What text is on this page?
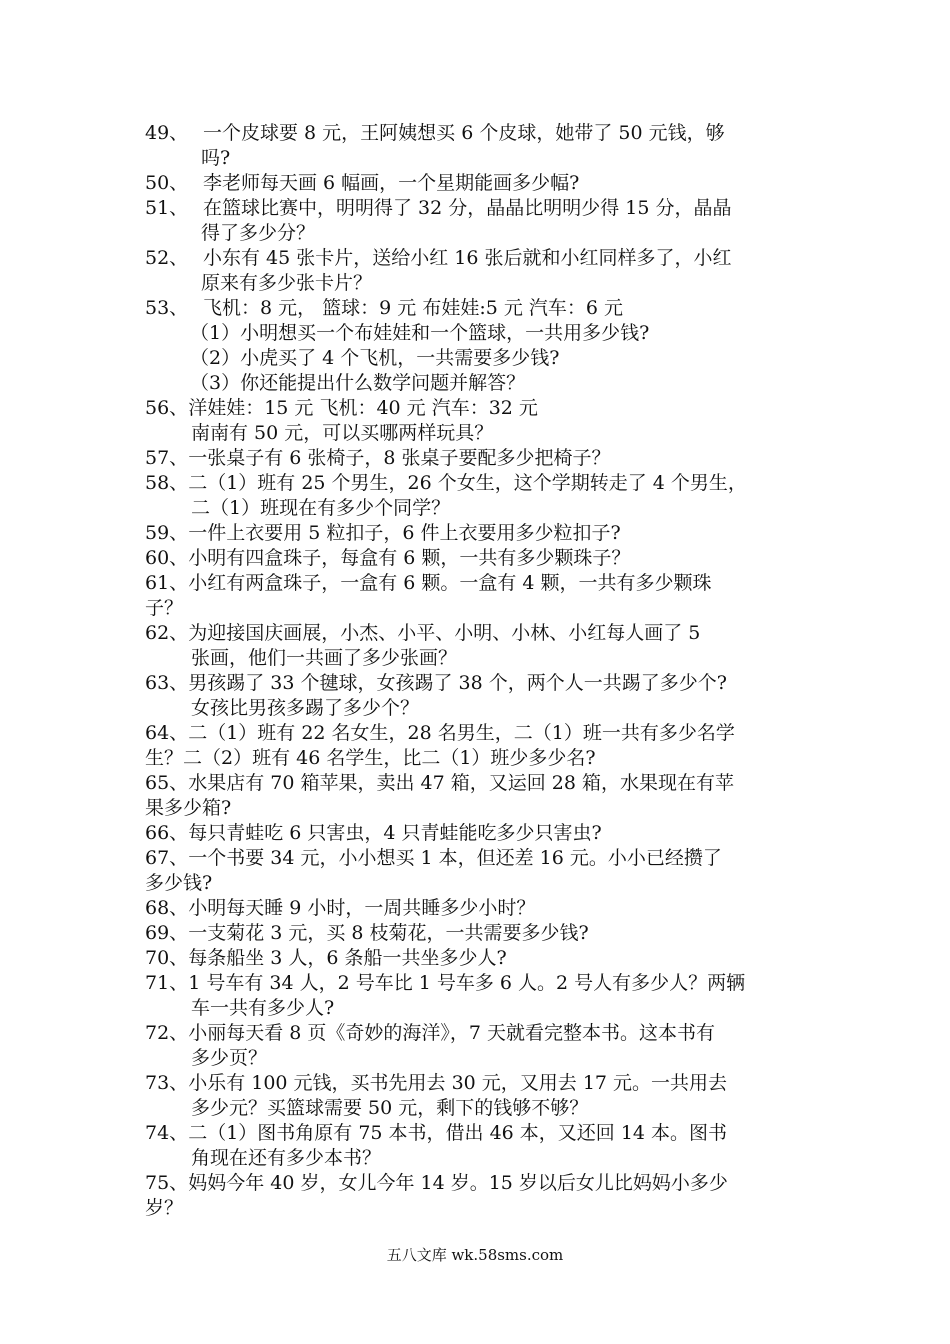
49、 一个皮球要 8 元，王阿姨想买 6 个皮球，她带了 50 元钱，够
吗?
50、 李老师每天画 6 幅画，一个星期能画多少幅?
51、 在篮球比赛中，明明得了 32 分，晶晶比明明少得 15 分，晶晶
得了多少分？
52、 小东有 45 张卡片，送给小红 16 张后就和小红同样多了，小红
原来有多少张卡片？
53、 飞机：8 元， 篮球：9 元 布娃娃:5 元 汽车：6 元
（1）小明想买一个布娃娃和一个篮球，一共用多少钱?
（2）小虎买了 4 个飞机，一共需要多少钱?
（3）你还能提出什么数学问题并解答？
56、洋娃娃：15 元 飞机：40 元 汽车：32 元
南南有 50 元，可以买哪两样玩具？
57、一张桌子有 6 张椅子，8 张桌子要配多少把椅子？
58、二（1）班有 25 个男生，26 个女生，这个学期转走了 4 个男生，
二（1）班现在有多少个同学？
59、一件上衣要用 5 粒扣子，6 件上衣要用多少粒扣子?
60、小明有四盒珠子，每盒有 6 颗，一共有多少颗珠子？
61、小红有两盒珠子，一盒有 6 颗。一盒有 4 颗，一共有多少颗珠
子？
62、为迎接国庆画展，小杰、小平、小明、小林、小红每人画了 5
张画，他们一共画了多少张画？
63、男孩踢了 33 个毽球，女孩踢了 38 个，两个人一共踢了多少个?
女孩比男孩多踢了多少个？
64、二（1）班有 22 名女生，28 名男生，二（1）班一共有多少名学
生？二（2）班有 46 名学生，比二（1）班少多少名?
65、水果店有 70 箱苹果，卖出 47 箱，又运回 28 箱，水果现在有苹
果多少箱?
66、每只青蛙吃 6 只害虫，4 只青蛙能吃多少只害虫?
67、一个书要 34 元，小小想买 1 本，但还差 16 元。小小已经攒了
多少钱?
68、小明每天睡 9 小时，一周共睡多少小时？
69、一支菊花 3 元，买 8 枝菊花，一共需要多少钱?
70、每条船坐 3 人，6 条船一共坐多少人?
71、1 号车有 34 人，2 号车比 1 号车多 6 人。2 号人有多少人？两辆
车一共有多少人?
72、小丽每天看 8 页《奇妙的海洋》，7 天就看完整本书。这本书有
多少页？
73、小乐有 100 元钱，买书先用去 30 元，又用去 17 元。一共用去
多少元？买篮球需要 50 元，剩下的钱够不够？
74、二（1）图书角原有 75 本书，借出 46 本，又还回 14 本。图书
角现在还有多少本书？
75、妈妈今年 40 岁，女儿今年 14 岁。15 岁以后女儿比妈妈小多少
岁？
五八文库 wk.58sms.com
